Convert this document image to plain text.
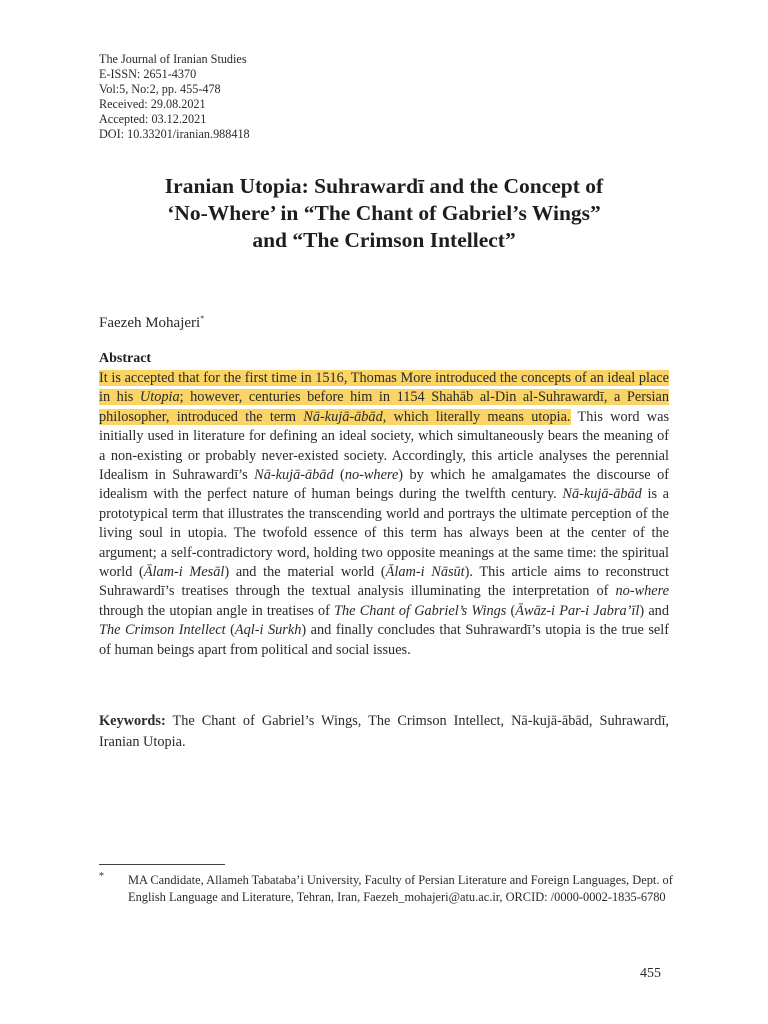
The Journal of Iranian Studies
E-ISSN: 2651-4370
Vol:5, No:2, pp. 455-478
Received: 29.08.2021
Accepted: 03.12.2021
DOI: 10.33201/iranian.988418
Iranian Utopia: Suhrawardī and the Concept of
‘No-Where’ in “The Chant of Gabriel’s Wings”
and “The Crimson Intellect”
Faezeh Mohajeri*
Abstract
It is accepted that for the first time in 1516, Thomas More introduced the concepts of an ideal place in his Utopia; however, centuries before him in 1154 Shahāb al-Din al-Suhrawardī, a Persian philosopher, introduced the term Nā-kujā-ābād, which literally means utopia. This word was initially used in literature for defining an ideal society, which simultaneously bears the meaning of a non-existing or probably never-existed society. Accordingly, this article analyses the perennial Idealism in Suhrawardī’s Nā-kujā-ābād (no-where) by which he amalgamates the discourse of idealism with the perfect nature of human beings during the twelfth century. Nā-kujā-ābād is a prototypical term that illustrates the transcending world and portrays the ultimate perception of the living soul in utopia. The twofold essence of this term has always been at the center of the argument; a self-contradictory word, holding two opposite meanings at the same time: the spiritual world (Ālam-i Mesāl) and the material world (Ālam-i Nāsūt). This article aims to reconstruct Suhrawardī’s treatises through the textual analysis illuminating the interpretation of no-where through the utopian angle in treatises of The Chant of Gabriel’s Wings (Āwāz-i Par-i Jabra’īl) and The Crimson Intellect (Aql-i Surkh) and finally concludes that Suhrawardī’s utopia is the true self of human beings apart from political and social issues.
Keywords: The Chant of Gabriel’s Wings, The Crimson Intellect, Nā-kujā-ābād, Suhrawardī, Iranian Utopia.
* MA Candidate, Allameh Tabataba’i University, Faculty of Persian Literature and Foreign Languages, Dept. of English Language and Literature, Tehran, Iran, Faezeh_mohajeri@atu.ac.ir, ORCID: /0000-0002-1835-6780
455
